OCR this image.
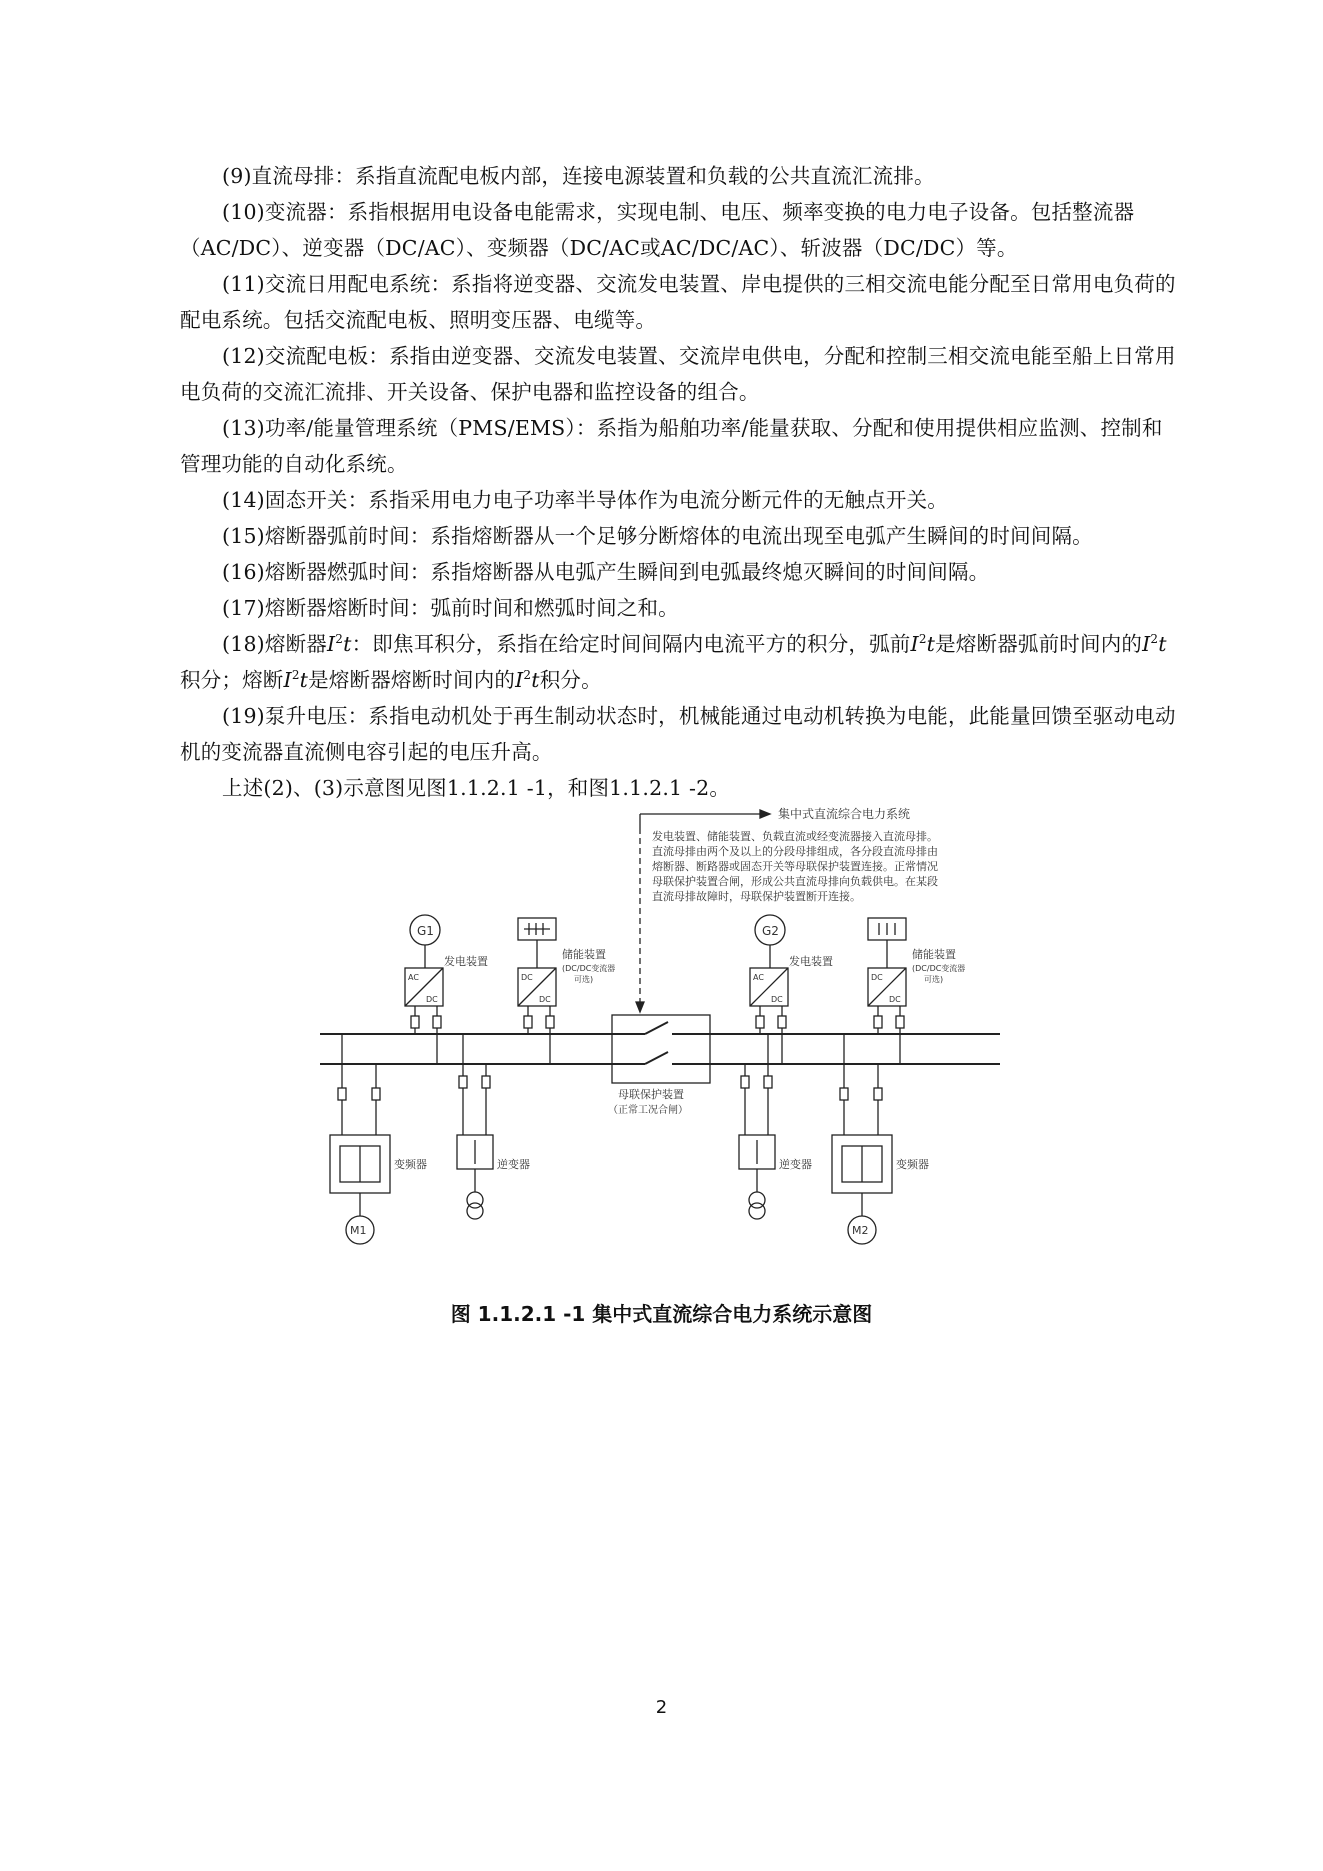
(9)直流母排：系指直流配电板内部，连接电源装置和负载的公共直流汇流排。

(10)变流器：系指根据用电设备电能需求，实现电制、电压、频率变换的电力电子设备。包括整流器（AC/DC）、逆变器（DC/AC）、变频器（DC/AC或AC/DC/AC）、斩波器（DC/DC）等。

(11)交流日用配电系统：系指将逆变器、交流发电装置、岸电提供的三相交流电能分配至日常用电负荷的配电系统。包括交流配电板、照明变压器、电缆等。

(12)交流配电板：系指由逆变器、交流发电装置、交流岸电供电，分配和控制三相交流电能至船上日常用电负荷的交流汇流排、开关设备、保护电器和监控设备的组合。

(13)功率/能量管理系统（PMS/EMS）：系指为船舶功率/能量获取、分配和使用提供相应监测、控制和管理功能的自动化系统。

(14)固态开关：系指采用电力电子功率半导体作为电流分断元件的无触点开关。

(15)熔断器弧前时间：系指熔断器从一个足够分断熔体的电流出现至电弧产生瞬间的时间间隔。

(16)熔断器燃弧时间：系指熔断器从电弧产生瞬间到电弧最终熄灭瞬间的时间间隔。

(17)熔断器熔断时间：弧前时间和燃弧时间之和。

(18)熔断器$I^2t$：即焦耳积分，系指在给定时间间隔内电流平方的积分，弧前$I^2t$是熔断器弧前时间内的$I^2t$积分；熔断$I^2t$是熔断器熔断时间内的$I^2t$积分。

(19)泵升电压：系指电动机处于再生制动状态时，机械能通过电动机转换为电能，此能量回馈至驱动电动机的变流器直流侧电容引起的电压升高。

上述(2)、(3)示意图见图1.1.2.1 -1，和图1.1.2.1 -2。

集中式直流综合电力系统
发电装置、储能装置、负载直流或经变流器接入直流母排。
直流母排由两个及以上的分段母排组成，各分段直流母排由
熔断器、断路器或固态开关等母联保护装置连接。正常情况
母联保护装置合闸，形成公共直流母排向负载供电。在某段
直流母排故障时，母联保护装置断开连接。
G1
发电装置
AC
DC
储能装置
(DC/DC变流器
可选)
DC
DC
G2
发电装置
AC
DC
储能装置
(DC/DC变流器
可选)
DC
DC
母联保护装置
（正常工况合闸）
变频器	逆变器	逆变器	变频器
M1	M2
图 1.1.2.1 -1 集中式直流综合电力系统示意图
2
